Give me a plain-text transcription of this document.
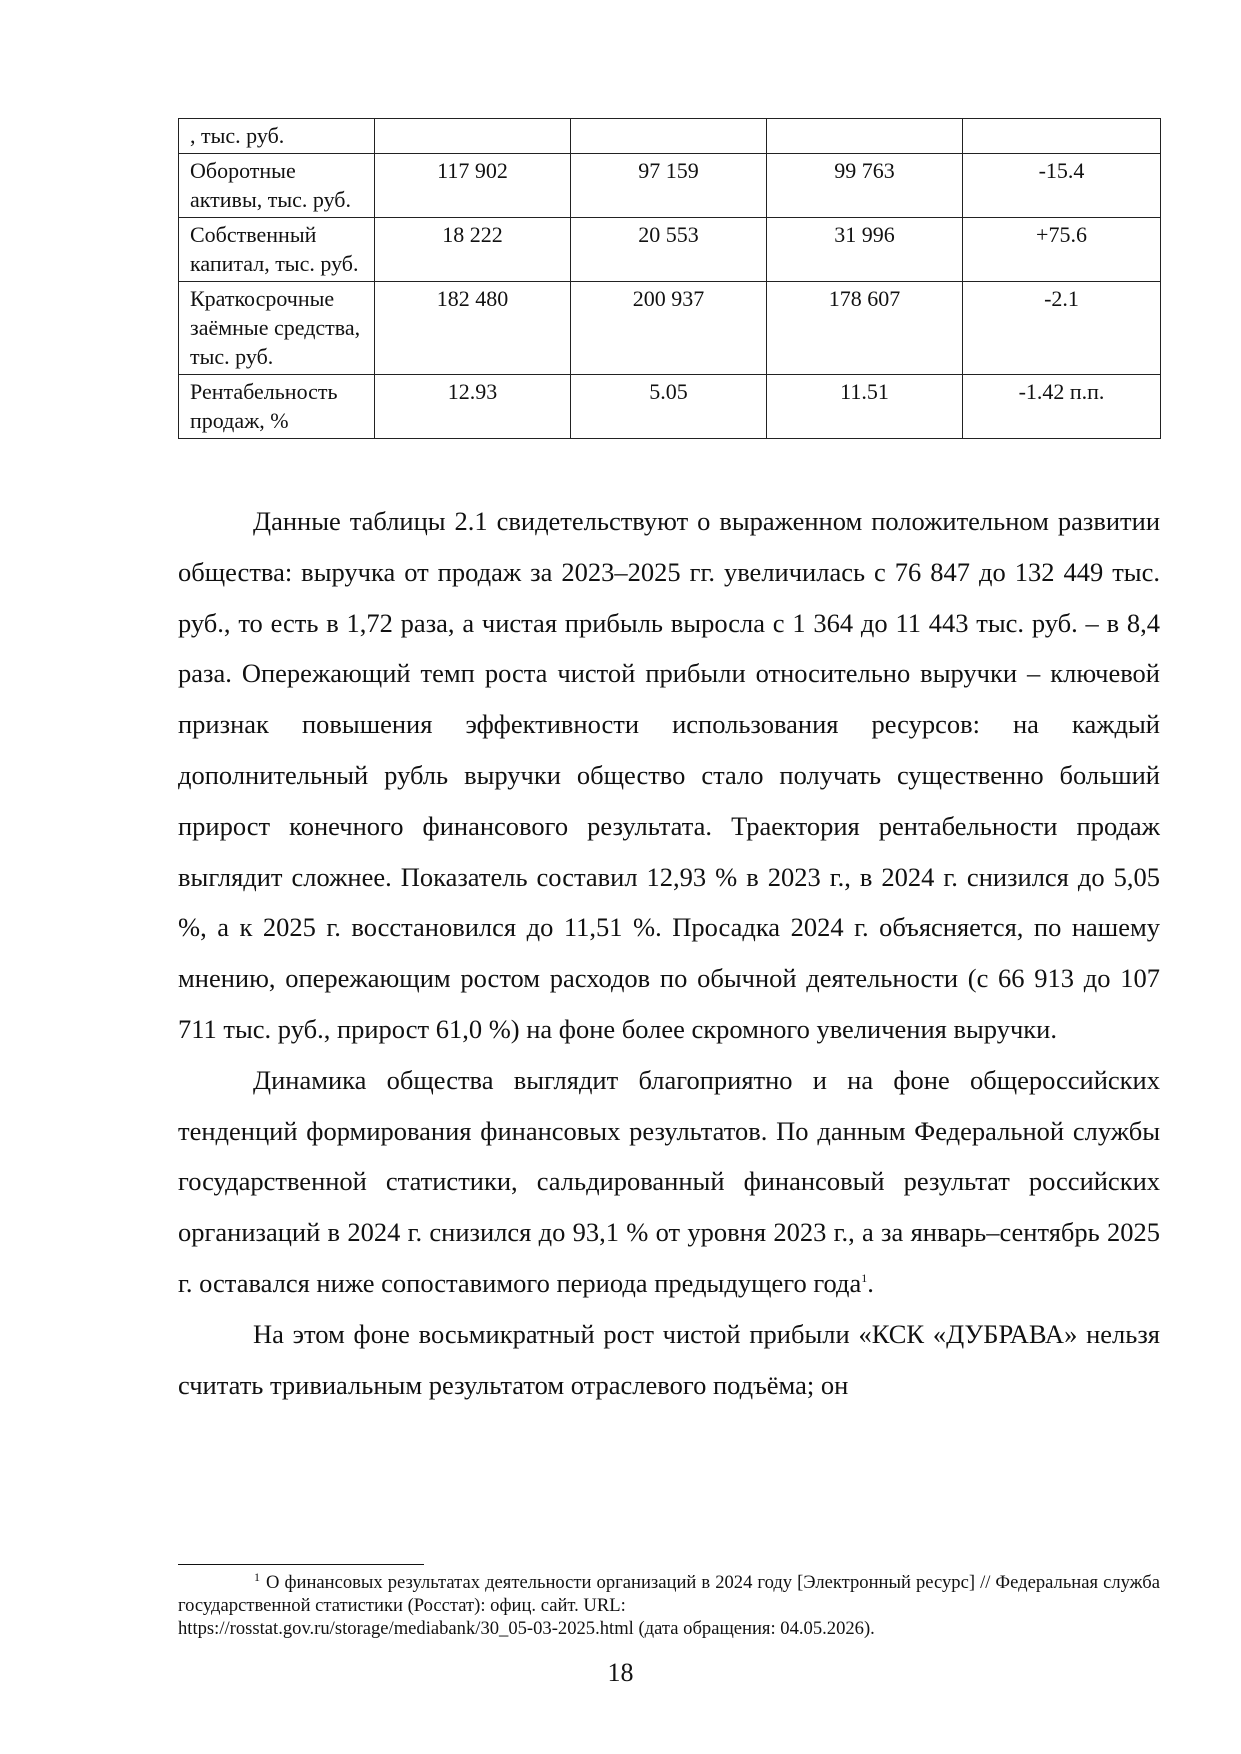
, тыс. руб.				
Оборотные активы, тыс. руб.	117 902	97 159	99 763	-15.4
Собственный капитал, тыс. руб.	18 222	20 553	31 996	+75.6
Краткосрочные заёмные средства, тыс. руб.	182 480	200 937	178 607	-2.1
Рентабельность продаж, %	12.93	5.05	11.51	-1.42 п.п.

Данные таблицы 2.1 свидетельствуют о выраженном положительном развитии общества: выручка от продаж за 2023–2025 гг. увеличилась с 76 847 до 132 449 тыс. руб., то есть в 1,72 раза, а чистая прибыль выросла с 1 364 до 11 443 тыс. руб. – в 8,4 раза. Опережающий темп роста чистой прибыли относительно выручки – ключевой признак повышения эффективности использования ресурсов: на каждый дополнительный рубль выручки общество стало получать существенно больший прирост конечного финансового результата. Траектория рентабельности продаж выглядит сложнее. Показатель составил 12,93 % в 2023 г., в 2024 г. снизился до 5,05 %, а к 2025 г. восстановился до 11,51 %. Просадка 2024 г. объясняется, по нашему мнению, опережающим ростом расходов по обычной деятельности (с 66 913 до 107 711 тыс. руб., прирост 61,0 %) на фоне более скромного увеличения выручки.

Динамика общества выглядит благоприятно и на фоне общероссийских тенденций формирования финансовых результатов. По данным Федеральной службы государственной статистики, сальдированный финансовый результат российских организаций в 2024 г. снизился до 93,1 % от уровня 2023 г., а за январь–сентябрь 2025 г. оставался ниже сопоставимого периода предыдущего года$^1$.

На этом фоне восьмикратный рост чистой прибыли «КСК «ДУБРАВА» нельзя считать тривиальным результатом отраслевого подъёма; он

$^1$ О финансовых результатах деятельности организаций в 2024 году [Электронный ресурс] // Федеральная служба государственной статистики (Росстат): офиц. сайт. URL:
https://rosstat.gov.ru/storage/mediabank/30_05-03-2025.html (дата обращения: 04.05.2026).
18
